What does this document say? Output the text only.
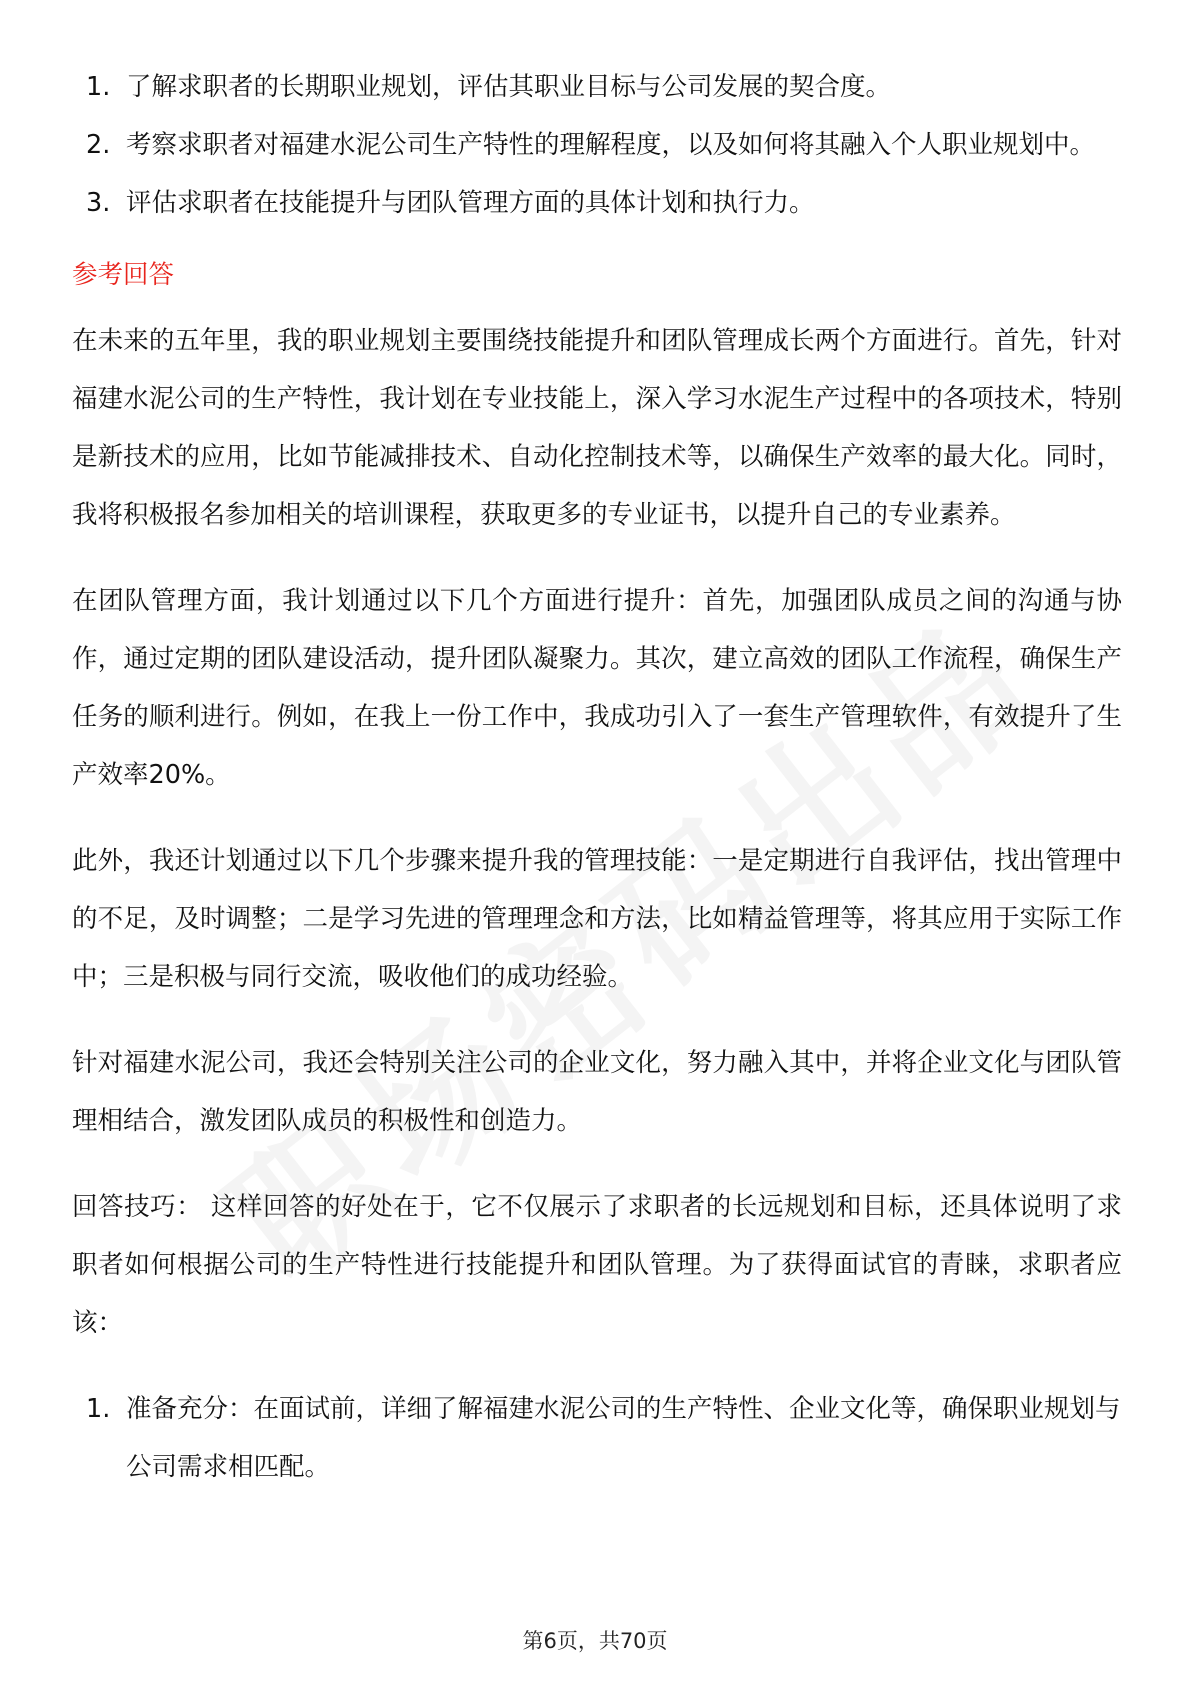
1. 了解求职者的长期职业规划，评估其职业目标与公司发展的契合度。
2. 考察求职者对福建水泥公司生产特性的理解程度，以及如何将其融入个人职业规划中。
3. 评估求职者在技能提升与团队管理方面的具体计划和执行力。
参考回答

在未来的五年里，我的职业规划主要围绕技能提升和团队管理成长两个方面进行。首先，针对福建水泥公司的生产特性，我计划在专业技能上，深入学习水泥生产过程中的各项技术，特别是新技术的应用，比如节能减排技术、自动化控制技术等，以确保生产效率的最大化。同时，我将积极报名参加相关的培训课程，获取更多的专业证书，以提升自己的专业素养。

在团队管理方面，我计划通过以下几个方面进行提升：首先，加强团队成员之间的沟通与协作，通过定期的团队建设活动，提升团队凝聚力。其次，建立高效的团队工作流程，确保生产任务的顺利进行。例如，在我上一份工作中，我成功引入了一套生产管理软件，有效提升了生产效率20%。

此外，我还计划通过以下几个步骤来提升我的管理技能：一是定期进行自我评估，找出管理中的不足，及时调整；二是学习先进的管理理念和方法，比如精益管理等，将其应用于实际工作中；三是积极与同行交流，吸收他们的成功经验。

针对福建水泥公司，我还会特别关注公司的企业文化，努力融入其中，并将企业文化与团队管理相结合，激发团队成员的积极性和创造力。

回答技巧： 这样回答的好处在于，它不仅展示了求职者的长远规划和目标，还具体说明了求职者如何根据公司的生产特性进行技能提升和团队管理。为了获得面试官的青睐，求职者应该：

1. 准备充分：在面试前，详细了解福建水泥公司的生产特性、企业文化等，确保职业规划与公司需求相匹配。
第6页，共70页
